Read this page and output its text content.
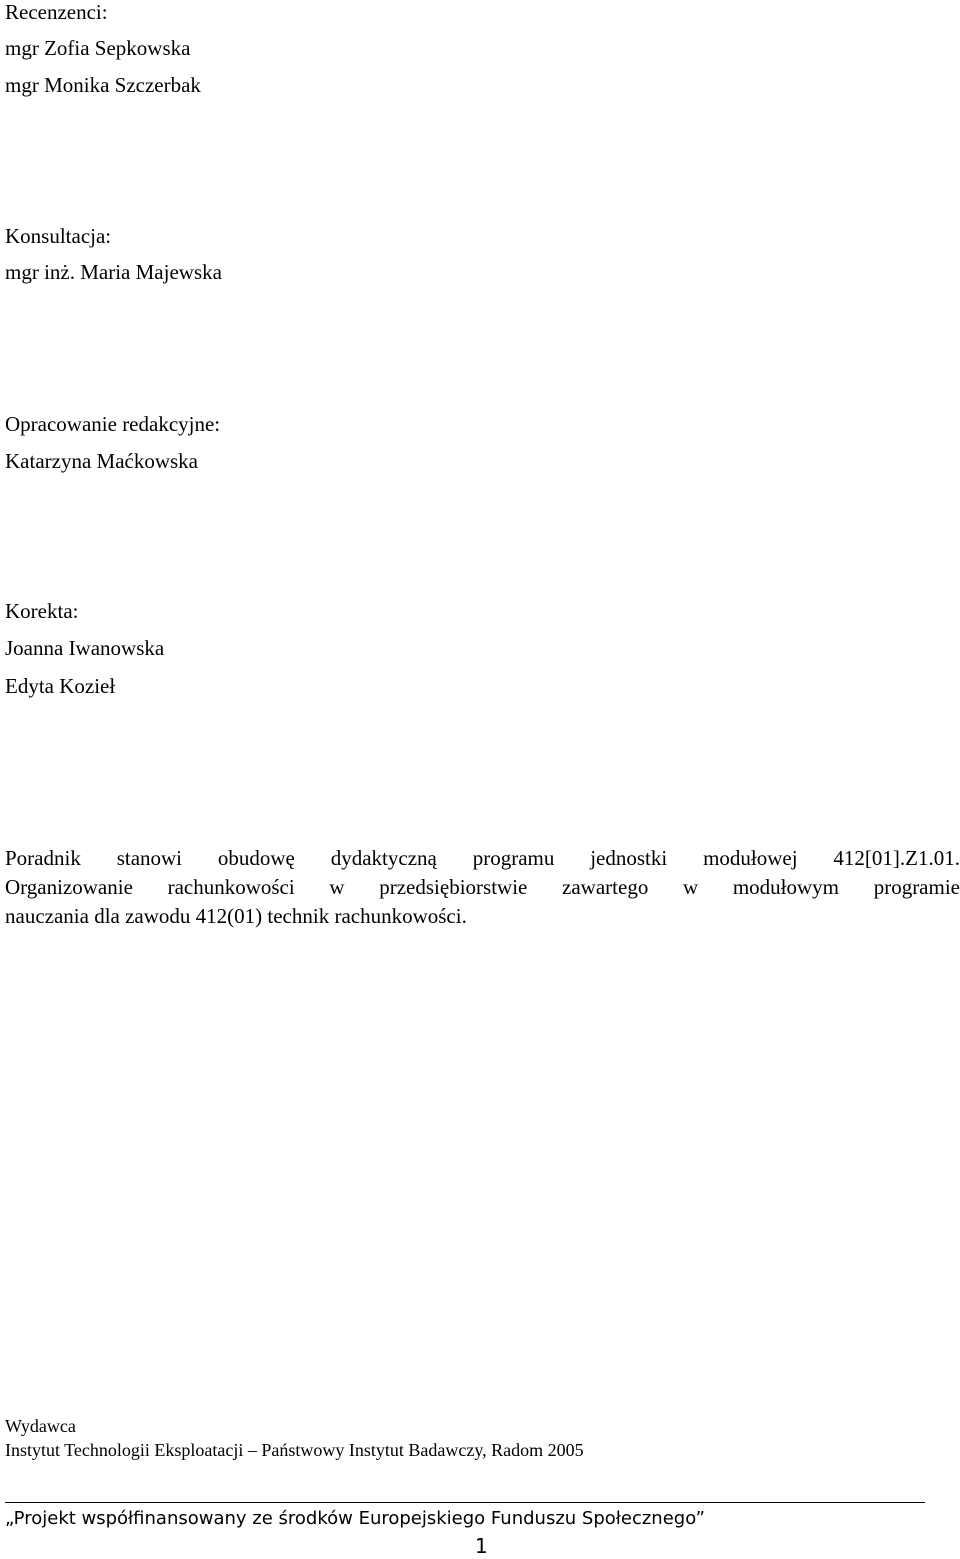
Recenzenci:
mgr Zofia Sepkowska
mgr Monika Szczerbak
Konsultacja:
mgr inż. Maria Majewska
Opracowanie redakcyjne:
Katarzyna Maćkowska
Korekta:
Joanna Iwanowska
Edyta Kozieł
Poradnik stanowi obudowę dydaktyczną programu jednostki modułowej 412[01].Z1.01.
Organizowanie rachunkowości w przedsiębiorstwie zawartego w modułowym programie
nauczania dla zawodu 412(01) technik rachunkowości.
Wydawca
Instytut Technologii Eksploatacji – Państwowy Instytut Badawczy, Radom 2005
„Projekt współfinansowany ze środków Europejskiego Funduszu Społecznego”
1
